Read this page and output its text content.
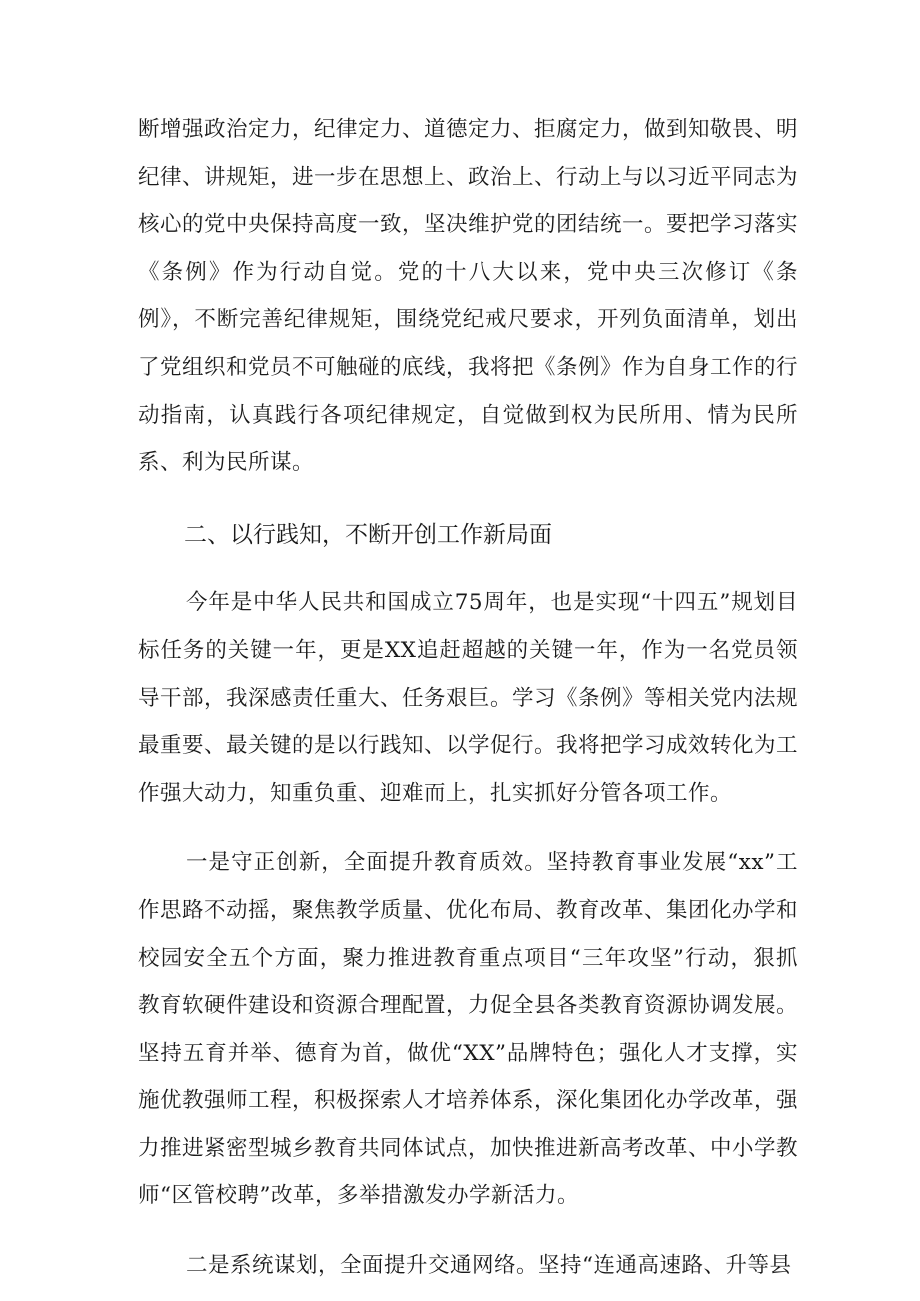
断增强政治定力，纪律定力、道德定力、拒腐定力，做到知敬畏、明纪律、讲规矩，进一步在思想上、政治上、行动上与以习近平同志为核心的党中央保持高度一致，坚决维护党的团结统一。要把学习落实《条例》作为行动自觉。党的十八大以来，党中央三次修订《条例》，不断完善纪律规矩，围绕党纪戒尺要求，开列负面清单，划出了党组织和党员不可触碰的底线，我将把《条例》作为自身工作的行动指南，认真践行各项纪律规定，自觉做到权为民所用、情为民所系、利为民所谋。

二、以行践知，不断开创工作新局面

今年是中华人民共和国成立75周年，也是实现“十四五”规划目标任务的关键一年，更是XX追赶超越的关键一年，作为一名党员领导干部，我深感责任重大、任务艰巨。学习《条例》等相关党内法规最重要、最关键的是以行践知、以学促行。我将把学习成效转化为工作强大动力，知重负重、迎难而上，扎实抓好分管各项工作。

一是守正创新，全面提升教育质效。坚持教育事业发展“xx”工作思路不动摇，聚焦教学质量、优化布局、教育改革、集团化办学和校园安全五个方面，聚力推进教育重点项目“三年攻坚”行动，狠抓教育软硬件建设和资源合理配置，力促全县各类教育资源协调发展。坚持五育并举、德育为首，做优“XX”品牌特色；强化人才支撑，实施优教强师工程，积极探索人才培养体系，深化集团化办学改革，强力推进紧密型城乡教育共同体试点，加快推进新高考改革、中小学教师“区管校聘”改革，多举措激发办学新活力。

二是系统谋划，全面提升交通网络。坚持“连通高速路、升等县
